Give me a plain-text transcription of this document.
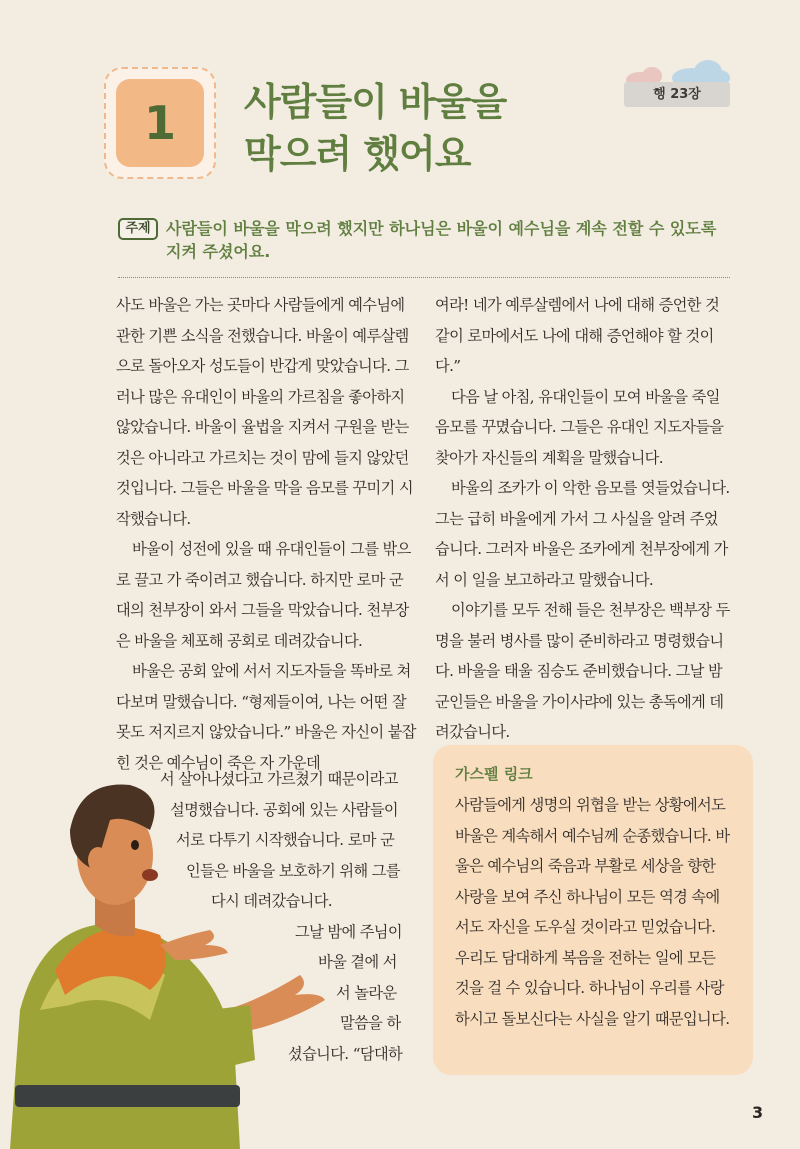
1	사람들이 바울을
막으려 했어요
행 23장
주제 사람들이 바울을 막으려 했지만 하나님은 바울이 예수님을 계속 전할 수 있도록 지켜 주셨어요.

사도 바울은 가는 곳마다 사람들에게 예수님에 관한 기쁜 소식을 전했습니다. 바울이 예루살렘으로 돌아오자 성도들이 반갑게 맞았습니다. 그러나 많은 유대인이 바울의 가르침을 좋아하지 않았습니다. 바울이 율법을 지켜서 구원을 받는 것은 아니라고 가르치는 것이 맘에 들지 않았던 것입니다. 그들은 바울을 막을 음모를 꾸미기 시작했습니다.

바울이 성전에 있을 때 유대인들이 그를 밖으로 끌고 가 죽이려고 했습니다. 하지만 로마 군대의 천부장이 와서 그들을 막았습니다. 천부장은 바울을 체포해 공회로 데려갔습니다.

바울은 공회 앞에 서서 지도자들을 똑바로 쳐다보며 말했습니다. “형제들이여, 나는 어떤 잘못도 저지르지 않았습니다.” 바울은 자신이 붙잡힌 것은 예수님이 죽은 자 가운데

서 살아나셨다고 가르쳤기 때문이라고
설명했습니다. 공회에 있는 사람들이
서로 다투기 시작했습니다. 로마 군
인들은 바울을 보호하기 위해 그를
다시 데려갔습니다.
그날 밤에 주님이
바울 곁에 서
서 놀라운
말씀을 하
셨습니다. “담대하

여라! 네가 예루살렘에서 나에 대해 증언한 것 같이 로마에서도 나에 대해 증언해야 할 것이다.”

다음 날 아침, 유대인들이 모여 바울을 죽일 음모를 꾸몄습니다. 그들은 유대인 지도자들을 찾아가 자신들의 계획을 말했습니다.

바울의 조카가 이 악한 음모를 엿들었습니다. 그는 급히 바울에게 가서 그 사실을 알려 주었습니다. 그러자 바울은 조카에게 천부장에게 가서 이 일을 보고하라고 말했습니다.

이야기를 모두 전해 들은 천부장은 백부장 두 명을 불러 병사를 많이 준비하라고 명령했습니다. 바울을 태울 짐승도 준비했습니다. 그날 밤 군인들은 바울을 가이사랴에 있는 총독에게 데려갔습니다.

가스펠 링크
사람들에게 생명의 위협을 받는 상황에서도 바울은 계속해서 예수님께 순종했습니다. 바울은 예수님의 죽음과 부활로 세상을 향한 사랑을 보여 주신 하나님이 모든 역경 속에서도 자신을 도우실 것이라고 믿었습니다. 우리도 담대하게 복음을 전하는 일에 모든 것을 걸 수 있습니다. 하나님이 우리를 사랑하시고 돌보신다는 사실을 알기 때문입니다.
3
